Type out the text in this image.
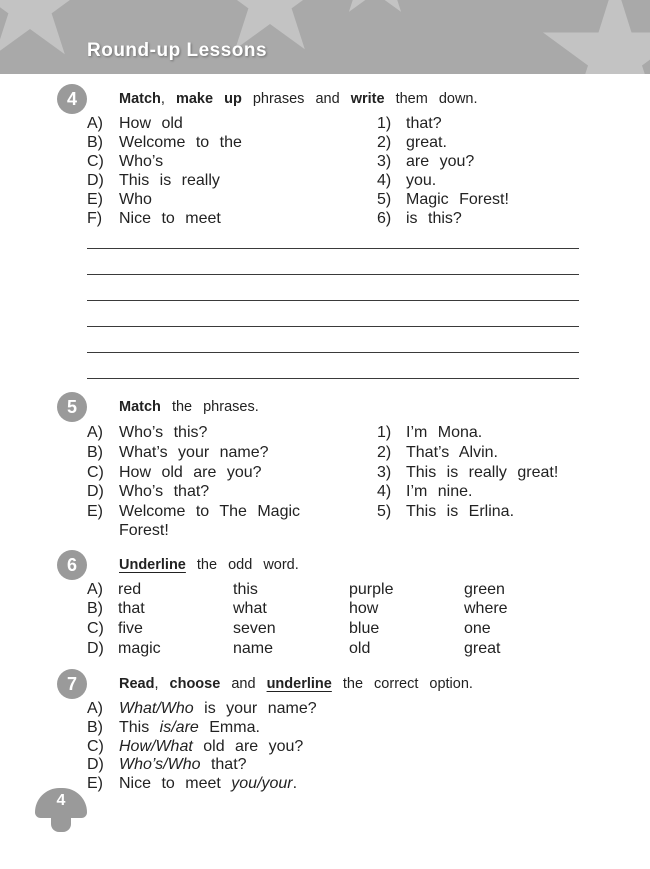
Round-up Lessons
4	Match, make up phrases and write them down.
A) How old
B) Welcome to the
C) Who’s
D) This is really
E) Who
F) Nice to meet
1) that?
2) great.
3) are you?
4) you.
5) Magic Forest!
6) is this?
5	Match the phrases.
A) Who’s this?
B) What’s your name?
C) How old are you?
D) Who’s that?
E) Welcome to The Magic
Forest!
1) I’m Mona.
2) That’s Alvin.
3) This is really great!
4) I’m nine.
5) This is Erlina.
6	Underline the odd word.
A) red	this	purple	green
B) that	what	how	where
C) five	seven	blue	one
D) magic	name	old	great
7	Read, choose and underline the correct option.
A) What/Who is your name?
B) This is/are Emma.
C) How/What old are you?
D) Who’s/Who that?
E) Nice to meet you/your.
4
